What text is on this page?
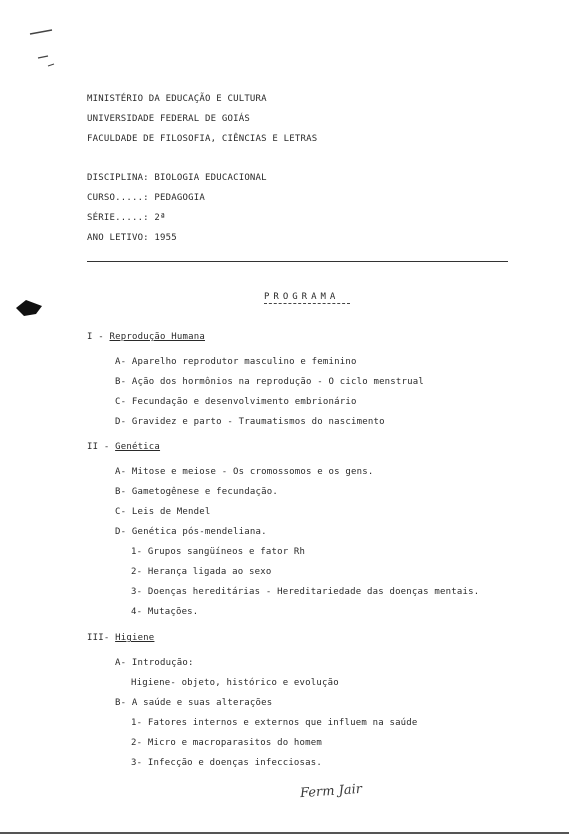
MINISTÉRIO DA EDUCAÇÃO E CULTURA
UNIVERSIDADE FEDERAL DE GOIÁS
FACULDADE DE FILOSOFIA, CIÊNCIAS E LETRAS
DISCIPLINA: BIOLOGIA EDUCACIONAL
CURSO.....: PEDAGOGIA
SÉRIE.....: 2ª
ANO LETIVO: 1955
PROGRAMA
I - Reprodução Humana
A- Aparelho reprodutor masculino e feminino
B- Ação dos hormônios na reprodução - O ciclo menstrual
C- Fecundação e desenvolvimento embrionário
D- Gravidez e parto - Traumatismos do nascimento
II - Genética
A- Mitose e meiose - Os cromossomos e os gens.
B- Gametogênese e fecundação.
C- Leis de Mendel
D- Genética pós-mendeliana.
1- Grupos sangüíneos e fator Rh
2- Herança ligada ao sexo
3- Doenças hereditárias - Hereditariedade das doenças mentais.
4- Mutações.
III- Higiene
A- Introdução:
Higiene- objeto, histórico e evolução
B- A saúde e suas alterações
1- Fatores internos e externos que influem na saúde
2- Micro e macroparasitos do homem
3- Infecção e doenças infecciosas.
Ferm Jair
